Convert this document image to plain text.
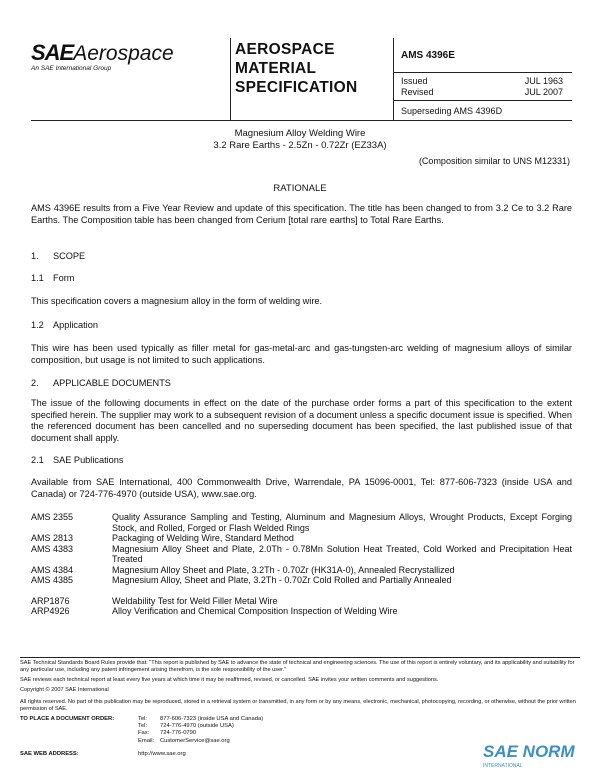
SAEAerospace
An SAE International Group
AEROSPACE
MATERIAL
SPECIFICATION
AMS 4396E
Issued	JUL 1963
Revised	JUL 2007
Superseding AMS 4396D
Magnesium Alloy Welding Wire
3.2 Rare Earths - 2.5Zn - 0.72Zr (EZ33A)
(Composition similar to UNS M12331)
RATIONALE
AMS 4396E results from a Five Year Review and update of this specification. The title has been changed to from 3.2 Ce to 3.2 Rare Earths. The Composition table has been changed from Cerium [total rare earths] to Total Rare Earths.
1. SCOPE
1.1 Form
This specification covers a magnesium alloy in the form of welding wire.
1.2 Application
This wire has been used typically as filler metal for gas-metal-arc and gas-tungsten-arc welding of magnesium alloys of similar composition, but usage is not limited to such applications.
2. APPLICABLE DOCUMENTS
The issue of the following documents in effect on the date of the purchase order forms a part of this specification to the extent specified herein. The supplier may work to a subsequent revision of a document unless a specific document issue is specified. When the referenced document has been cancelled and no superseding document has been specified, the last published issue of that document shall apply.
2.1 SAE Publications
Available from SAE International, 400 Commonwealth Drive, Warrendale, PA 15096-0001, Tel: 877-606-7323 (inside USA and Canada) or 724-776-4970 (outside USA), www.sae.org.
AMS 2355	Quality Assurance Sampling and Testing, Aluminum and Magnesium Alloys, Wrought Products, Except Forging Stock, and Rolled, Forged or Flash Welded Rings
AMS 2813	Packaging of Welding Wire, Standard Method
AMS 4383	Magnesium Alloy Sheet and Plate, 2.0Th - 0.78Mn Solution Heat Treated, Cold Worked and Precipitation Heat Treated
AMS 4384	Magnesium Alloy Sheet and Plate, 3.2Th - 0.70Zr (HK31A-0), Annealed Recrystallized
AMS 4385	Magnesium Alloy, Sheet and Plate, 3.2Th - 0.70Zr Cold Rolled and Partially Annealed
ARP1876	Weldability Test for Weld Filler Metal Wire
ARP4926	Alloy Verification and Chemical Composition Inspection of Welding Wire
SAE Technical Standards Board Rules provide that: "This report is published by SAE to advance the state of technical and engineering sciences. The use of this report is entirely voluntary, and its applicability and suitability for any particular use, including any patent infringement arising therefrom, is the sole responsibility of the user."
SAE reviews each technical report at least every five years at which time it may be reaffirmed, revised, or cancelled. SAE invites your written comments and suggestions.
Copyright © 2007 SAE International
All rights reserved. No part of this publication may be reproduced, stored in a retrieval system or transmitted, in any form or by any means, electronic, mechanical, photocopying, recording, or otherwise, without the prior written permission of SAE.
TO PLACE A DOCUMENT ORDER:	Tel:	877-606-7323 (inside USA and Canada)
Tel:	724-776-4970 (outside USA)
Fax:	724-776-0790
Email:	CustomerService@sae.org
SAE WEB ADDRESS:	http://www.sae.org	SAE NORM
INTERNATIONAL
